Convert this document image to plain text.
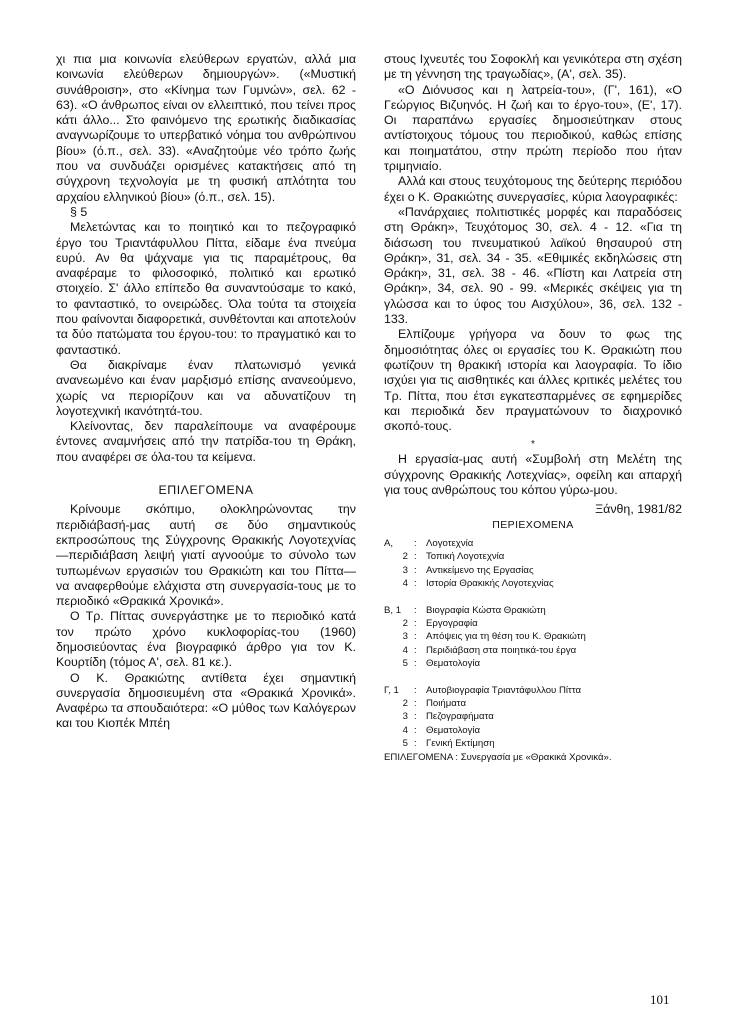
χι πια μια κοινωνία ελεύθερων εργατών, αλλά μια κοινωνία ελεύθερων δημιουργών». («Μυστική συνάθροιση», στο «Κίνημα των Γυμνών», σελ. 62 - 63). «Ο άνθρωπος είναι ον ελλειπτικό, που τείνει προς κάτι άλλο... Στο φαινόμενο της ερωτικής διαδικασίας αναγνωρίζουμε το υπερβατικό νόημα του ανθρώπινου βίου» (ό.π., σελ. 33). «Αναζητούμε νέο τρόπο ζωής που να συνδυάζει ορισμένες κατακτήσεις από τη σύγχρονη τεχνολογία με τη φυσική απλότητα του αρχαίου ελληνικού βίου» (ό.π., σελ. 15).

§ 5

Μελετώντας και το ποιητικό και το πεζογραφικό έργο του Τριαντάφυλλου Πίττα, είδαμε ένα πνεύμα ευρύ. Αν θα ψάχναμε για τις παραμέτρους, θα αναφέραμε το φιλοσοφικό, πολιτικό και ερωτικό στοιχείο. Σ' άλλο επίπεδο θα συναντούσαμε το κακό, το φανταστικό, το ονειρώδες. Όλα τούτα τα στοιχεία που φαίνονται διαφορετικά, συνθέτονται και αποτελούν τα δύο πατώματα του έργου-του: το πραγματικό και το φανταστικό.

Θα διακρίναμε έναν πλατωνισμό γενικά ανανεωμένο και έναν μαρξισμό επίσης ανανεούμενο, χωρίς να περιορίζουν και να αδυνατίζουν τη λογοτεχνική ικανότητά-του.

Κλείνοντας, δεν παραλείπουμε να αναφέρουμε έντονες αναμνήσεις από την πατρίδα-του τη Θράκη, που αναφέρει σε όλα-του τα κείμενα.

ΕΠΙΛΕΓΟΜΕΝΑ

Κρίνουμε σκόπιμο, ολοκληρώνοντας την περιδιάβασή-μας αυτή σε δύο σημαντικούς εκπροσώπους της Σύγχρονης Θρακικής Λογοτεχνίας —περιδιάβαση λειψή γιατί αγνοούμε το σύνολο των τυπωμένων εργασιών του Θρακιώτη και του Πίττα— να αναφερθούμε ελάχιστα στη συνεργασία-τους με το περιοδικό «Θρακικά Χρονικά».

Ο Τρ. Πίττας συνεργάστηκε με το περιοδικό κατά τον πρώτο χρόνο κυκλοφορίας-του (1960) δημοσιεύοντας ένα βιογραφικό άρθρο για τον Κ. Κουρτίδη (τόμος Α', σελ. 81 κε.).

Ο Κ. Θρακιώτης αντίθετα έχει σημαντική συνεργασία δημοσιευμένη στα «Θρακικά Χρονικά». Αναφέρω τα σπουδαιότερα: «Ο μύθος των Καλόγερων και του Κιοπέκ Μπέη

στους Ιχνευτές του Σοφοκλή και γενικότερα στη σχέση με τη γέννηση της τραγωδίας», (Α', σελ. 35).

«Ο Διόνυσος και η λατρεία-του», (Γ', 161), «Ο Γεώργιος Βιζυηνός. Η ζωή και το έργο-του», (Ε', 17). Οι παραπάνω εργασίες δημοσιεύτηκαν στους αντίστοιχους τόμους του περιοδικού, καθώς επίσης και ποιηματάτου, στην πρώτη περίοδο που ήταν τριμηνιαίο.

Αλλά και στους τευχότομους της δεύτερης περιόδου έχει ο Κ. Θρακιώτης συνεργασίες, κύρια λαογραφικές:

«Πανάρχαιες πολιτιστικές μορφές και παραδόσεις στη Θράκη», Τευχότομος 30, σελ. 4 - 12. «Για τη διάσωση του πνευματικού λαϊκού θησαυρού στη Θράκη», 31, σελ. 34 - 35. «Εθιμικές εκδηλώσεις στη Θράκη», 31, σελ. 38 - 46. «Πίστη και Λατρεία στη Θράκη», 34, σελ. 90 - 99. «Μερικές σκέψεις για τη γλώσσα και το ύφος του Αισχύλου», 36, σελ. 132 - 133.

Ελπίζουμε γρήγορα να δουν το φως της δημοσιότητας όλες οι εργασίες του Κ. Θρακιώτη που φωτίζουν τη θρακική ιστορία και λαογραφία. Το ίδιο ισχύει για τις αισθητικές και άλλες κριτικές μελέτες του Τρ. Πίττα, που έτσι εγκατεσπαρμένες σε εφημερίδες και περιοδικά δεν πραγματώνουν το διαχρονικό σκοπό-τους.

*

Η εργασία-μας αυτή «Συμβολή στη Μελέτη της σύγχρονης Θρακικής Λοτεχνίας», οφείλη και απαρχή για τους ανθρώπους του κόπου γύρω-μου.

Ξάνθη, 1981/82
ΠΕΡΙΕΧΟΜΕΝΑ
Α,	: Λογοτεχνία
2 : Τοπική Λογοτεχνία
3 : Αντικείμενο της Εργασίας
4 : Ιστορία Θρακικής Λογοτεχνίας
Β, 1	: Βιογραφία Κώστα Θρακιώτη
2 : Εργογραφία
3 : Απόψεις για τη θέση του Κ. Θρακιώτη
4 : Περιδιάβαση στα ποιητικά-του έργα
5 : Θεματολογία
Γ, 1	: Αυτοβιογραφία Τριαντάφυλλου Πίττα
2 : Ποιήματα
3 : Πεζογραφήματα
4 : Θεματολογία
5 : Γενική Εκτίμηση
ΕΠΙΛΕΓΟΜΕΝΑ : Συνεργασία με «Θρακικά Χρονικά».
101
